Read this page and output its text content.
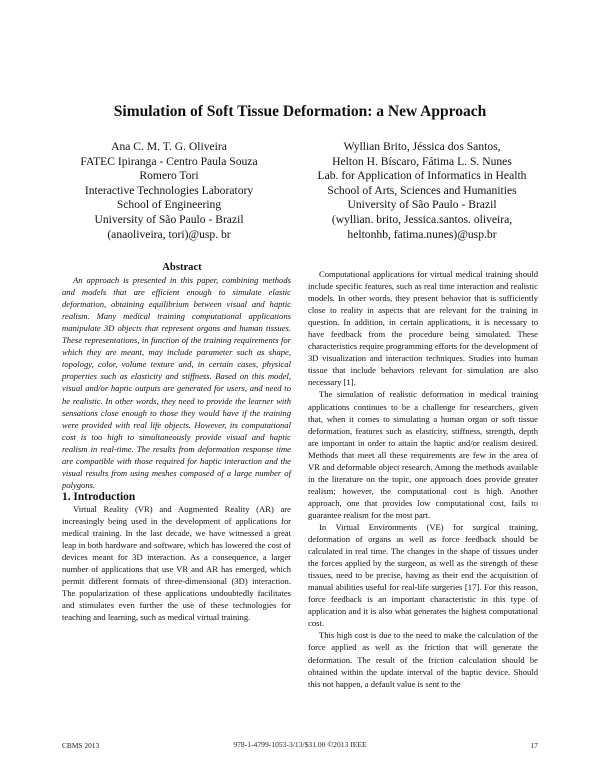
Simulation of Soft Tissue Deformation: a New Approach
Ana C. M. T. G. Oliveira
FATEC Ipiranga - Centro Paula Souza
Romero Tori
Interactive Technologies Laboratory
School of Engineering
University of São Paulo - Brazil
(anaoliveira, tori)@usp. br
Wyllian Brito, Jéssica dos Santos,
Helton H. Bíscaro, Fátima L. S. Nunes
Lab. for Application of Informatics in Health
School of Arts, Sciences and Humanities
University of São Paulo - Brazil
(wyllian. brito, Jessica.santos. oliveira,
heltonhb, fatima.nunes)@usp.br

Abstract

An approach is presented in this paper, combining methods and models that are efficient enough to simulate elastic deformation, obtaining equilibrium between visual and haptic realism. Many medical training computational applications manipulate 3D objects that represent organs and human tissues. These representations, in function of the training requirements for which they are meant, may include parameter such as shape, topology, color, volume texture and, in certain cases, physical properties such as elasticity and stiffness. Based on this model, visual and/or haptic outputs are generated for users, and need to be realistic. In other words, they need to provide the learner with sensations close enough to those they would have if the training were provided with real life objects. However, its computational cost is too high to simultaneously provide visual and haptic realism in real-time. The results from deformation response time are compatible with those required for haptic interaction and the visual results from using meshes composed of a large number of polygons.

1. Introduction

Virtual Reality (VR) and Augmented Reality (AR) are increasingly being used in the development of applications for medical training. In the last decade, we have witnessed a great leap in both hardware and software, which has lowered the cost of devices meant for 3D interaction. As a consequence, a larger number of applications that use VR and AR has emerged, which permit different formats of three-dimensional (3D) interaction. The popularization of these applications undoubtedly facilitates and stimulates even further the use of these technologies for teaching and learning, such as medical virtual training.

Computational applications for virtual medical training should include specific features, such as real time interaction and realistic models. In other words, they present behavior that is sufficiently close to reality in aspects that are relevant for the training in question. In addition, in certain applications, it is necessary to have feedback from the procedure being simulated. These characteristics require programming efforts for the development of 3D visualization and interaction techniques. Studies into human tissue that include behaviors relevant for simulation are also necessary [1].

The simulation of realistic deformation in medical training applications continues to be a challenge for researchers, given that, when it comes to simulating a human organ or soft tissue deformation, features such as elasticity, stiffness, strength, depth are important in order to attain the haptic and/or realism desired. Methods that meet all these requirements are few in the area of VR and deformable object research. Among the methods available in the literature on the topic, one approach does provide greater realism; however, the computational cost is high. Another approach, one that provides low computational cost, fails to guarantee realism for the most part.

In Virtual Environments (VE) for surgical training, deformation of organs as well as force feedback should be calculated in real time. The changes in the shape of tissues under the forces applied by the surgeon, as well as the strength of these tissues, need to be precise, having as their end the acquisition of manual abilities useful for real-life surgeries [17]. For this reason, force feedback is an important characteristic in this type of application and it is also what generates the highest computational cost.

This high cost is due to the need to make the calculation of the force applied as well as the friction that will generate the deformation. The result of the friction calculation should be obtained within the update interval of the haptic device. Should this not happen, a default value is sent to the

CBMS 2013	978-1-4799-1053-3/13/$31.00 ©2013 IEEE	17
